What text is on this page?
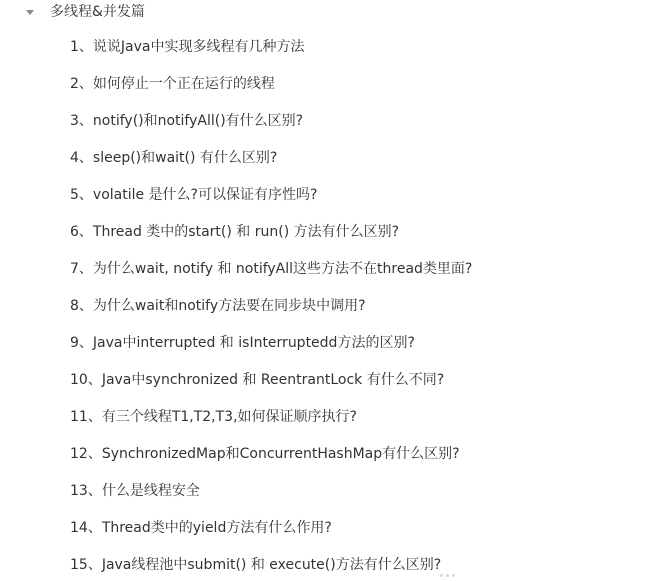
多线程&并发篇
1、说说Java中实现多线程有几种方法
2、如何停止一个正在运行的线程
3、notify()和notifyAll()有什么区别?
4、sleep()和wait() 有什么区别?
5、volatile 是什么?可以保证有序性吗?
6、Thread 类中的start() 和 run() 方法有什么区别?
7、为什么wait, notify 和 notifyAll这些方法不在thread类里面?
8、为什么wait和notify方法要在同步块中调用?
9、Java中interrupted 和 isInterruptedd方法的区别?
10、Java中synchronized 和 ReentrantLock 有什么不同?
11、有三个线程T1,T2,T3,如何保证顺序执行?
12、SynchronizedMap和ConcurrentHashMap有什么区别?
13、什么是线程安全
14、Thread类中的yield方法有什么作用?
15、Java线程池中submit() 和 execute()方法有什么区别?
